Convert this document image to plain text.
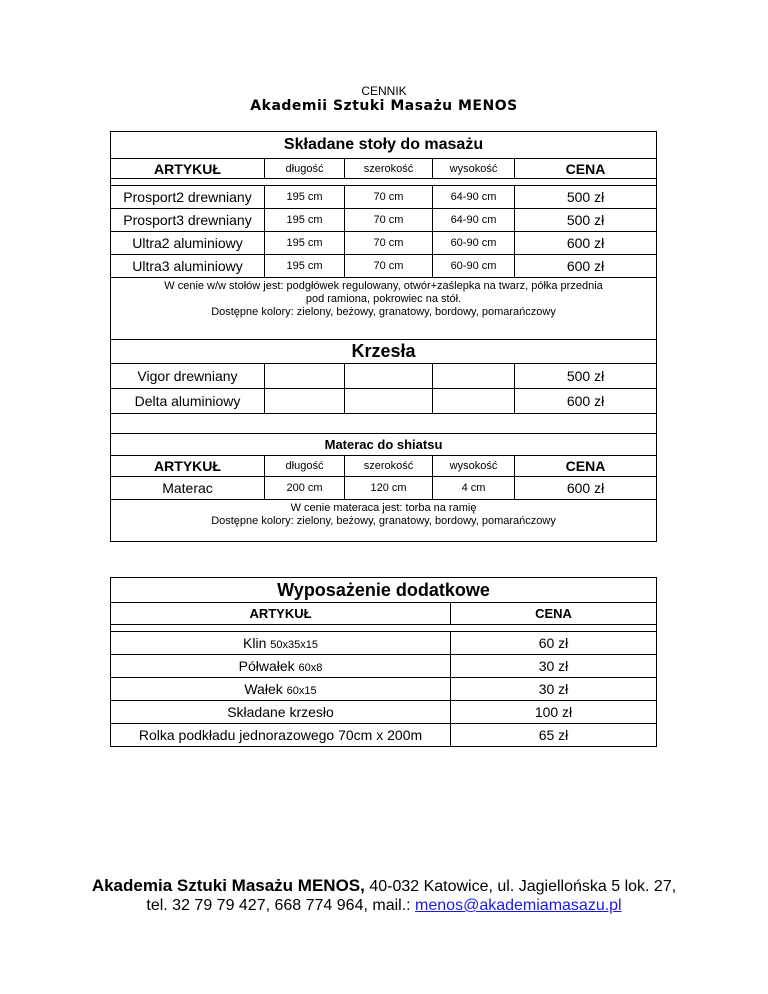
CENNIK
Akademii Sztuki Masażu MENOS
Składane stoły do masażu				
ARTYKUŁ	długość	szerokość	wysokość	CENA

Prosport2 drewniany	195 cm	70 cm	64-90 cm	500 zł
Prosport3 drewniany	195 cm	70 cm	64-90 cm	500 zł
Ultra2 aluminiowy	195 cm	70 cm	60-90 cm	600 zł
Ultra3 aluminiowy	195 cm	70 cm	60-90 cm	600 zł

W cenie w/w stołów jest: podgłówek regulowany, otwór+zaślepka na twarz, półka przednia
pod ramiona, pokrowiec na stół.
Dostępne kolory: zielony, beżowy, granatowy, bordowy, pomarańczowy				

Krzesła				
Vigor drewniany				500 zł
Delta aluminiowy				600 zł

Materac do shiatsu				
ARTYKUŁ	długość	szerokość	wysokość	CENA
Materac	200 cm	120 cm	4 cm	600 zł

W cenie materaca jest: torba na ramię
Dostępne kolory: zielony, beżowy, granatowy, bordowy, pomarańczowy				
Wyposażenie dodatkowe	
ARTYKUŁ	CENA

Klin 50x35x15	60 zł
Półwałek 60x8	30 zł
Wałek 60x15	30 zł
Składane krzesło	100 zł
Rolka podkładu jednorazowego 70cm x 200m	65 zł
Akademia Sztuki Masażu MENOS, 40-032 Katowice, ul. Jagiellońska 5 lok. 27,
tel. 32 79 79 427, 668 774 964, mail.: menos@akademiamasazu.pl
